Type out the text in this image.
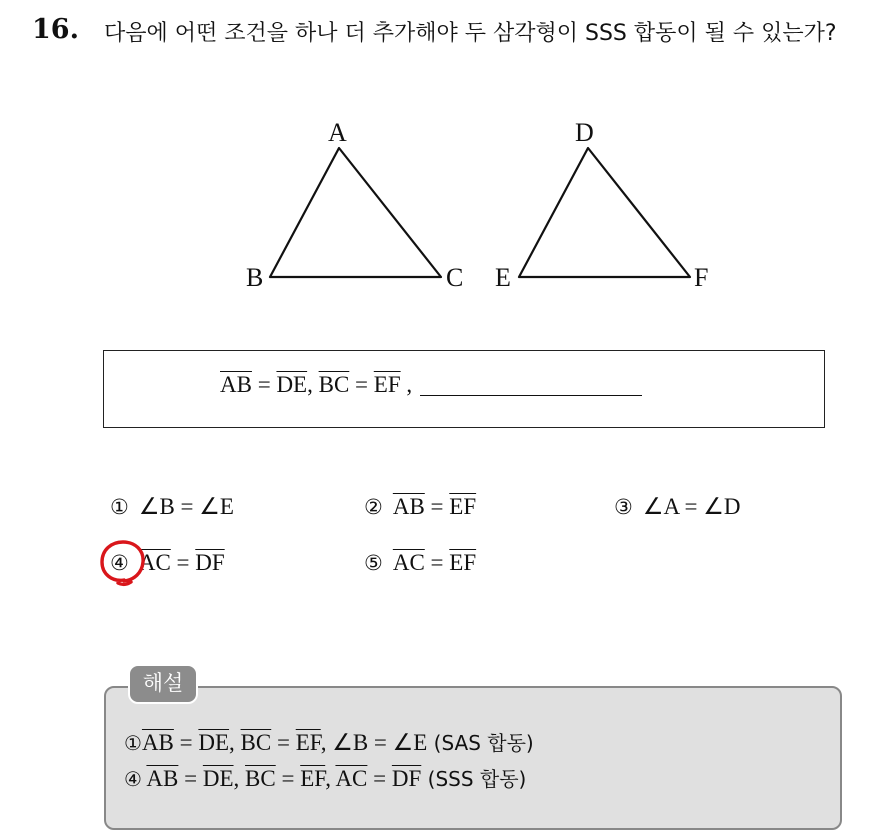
16. 다음에 어떤 조건을 하나 더 추가해야 두 삼각형이 SSS 합동이 될 수 있는가?
A
B	C
D
E	F
$\overline{AB} = \overline{DE}$, $\overline{BC} = \overline{EF}$ ,
① ∠B = ∠E	② $\overline{AB} = \overline{EF}$	③ ∠A = ∠D
④ $\overline{AC} = \overline{DF}$	⑤ $\overline{AC} = \overline{EF}$
해설
$①\overline{AB} = \overline{DE}$, $\overline{BC} = \overline{EF}$, ∠B = ∠E (SAS 합동)
④ $\overline{AB} = \overline{DE}$, $\overline{BC} = \overline{EF}$, $\overline{AC} = \overline{DF}$ (SSS 합동)
